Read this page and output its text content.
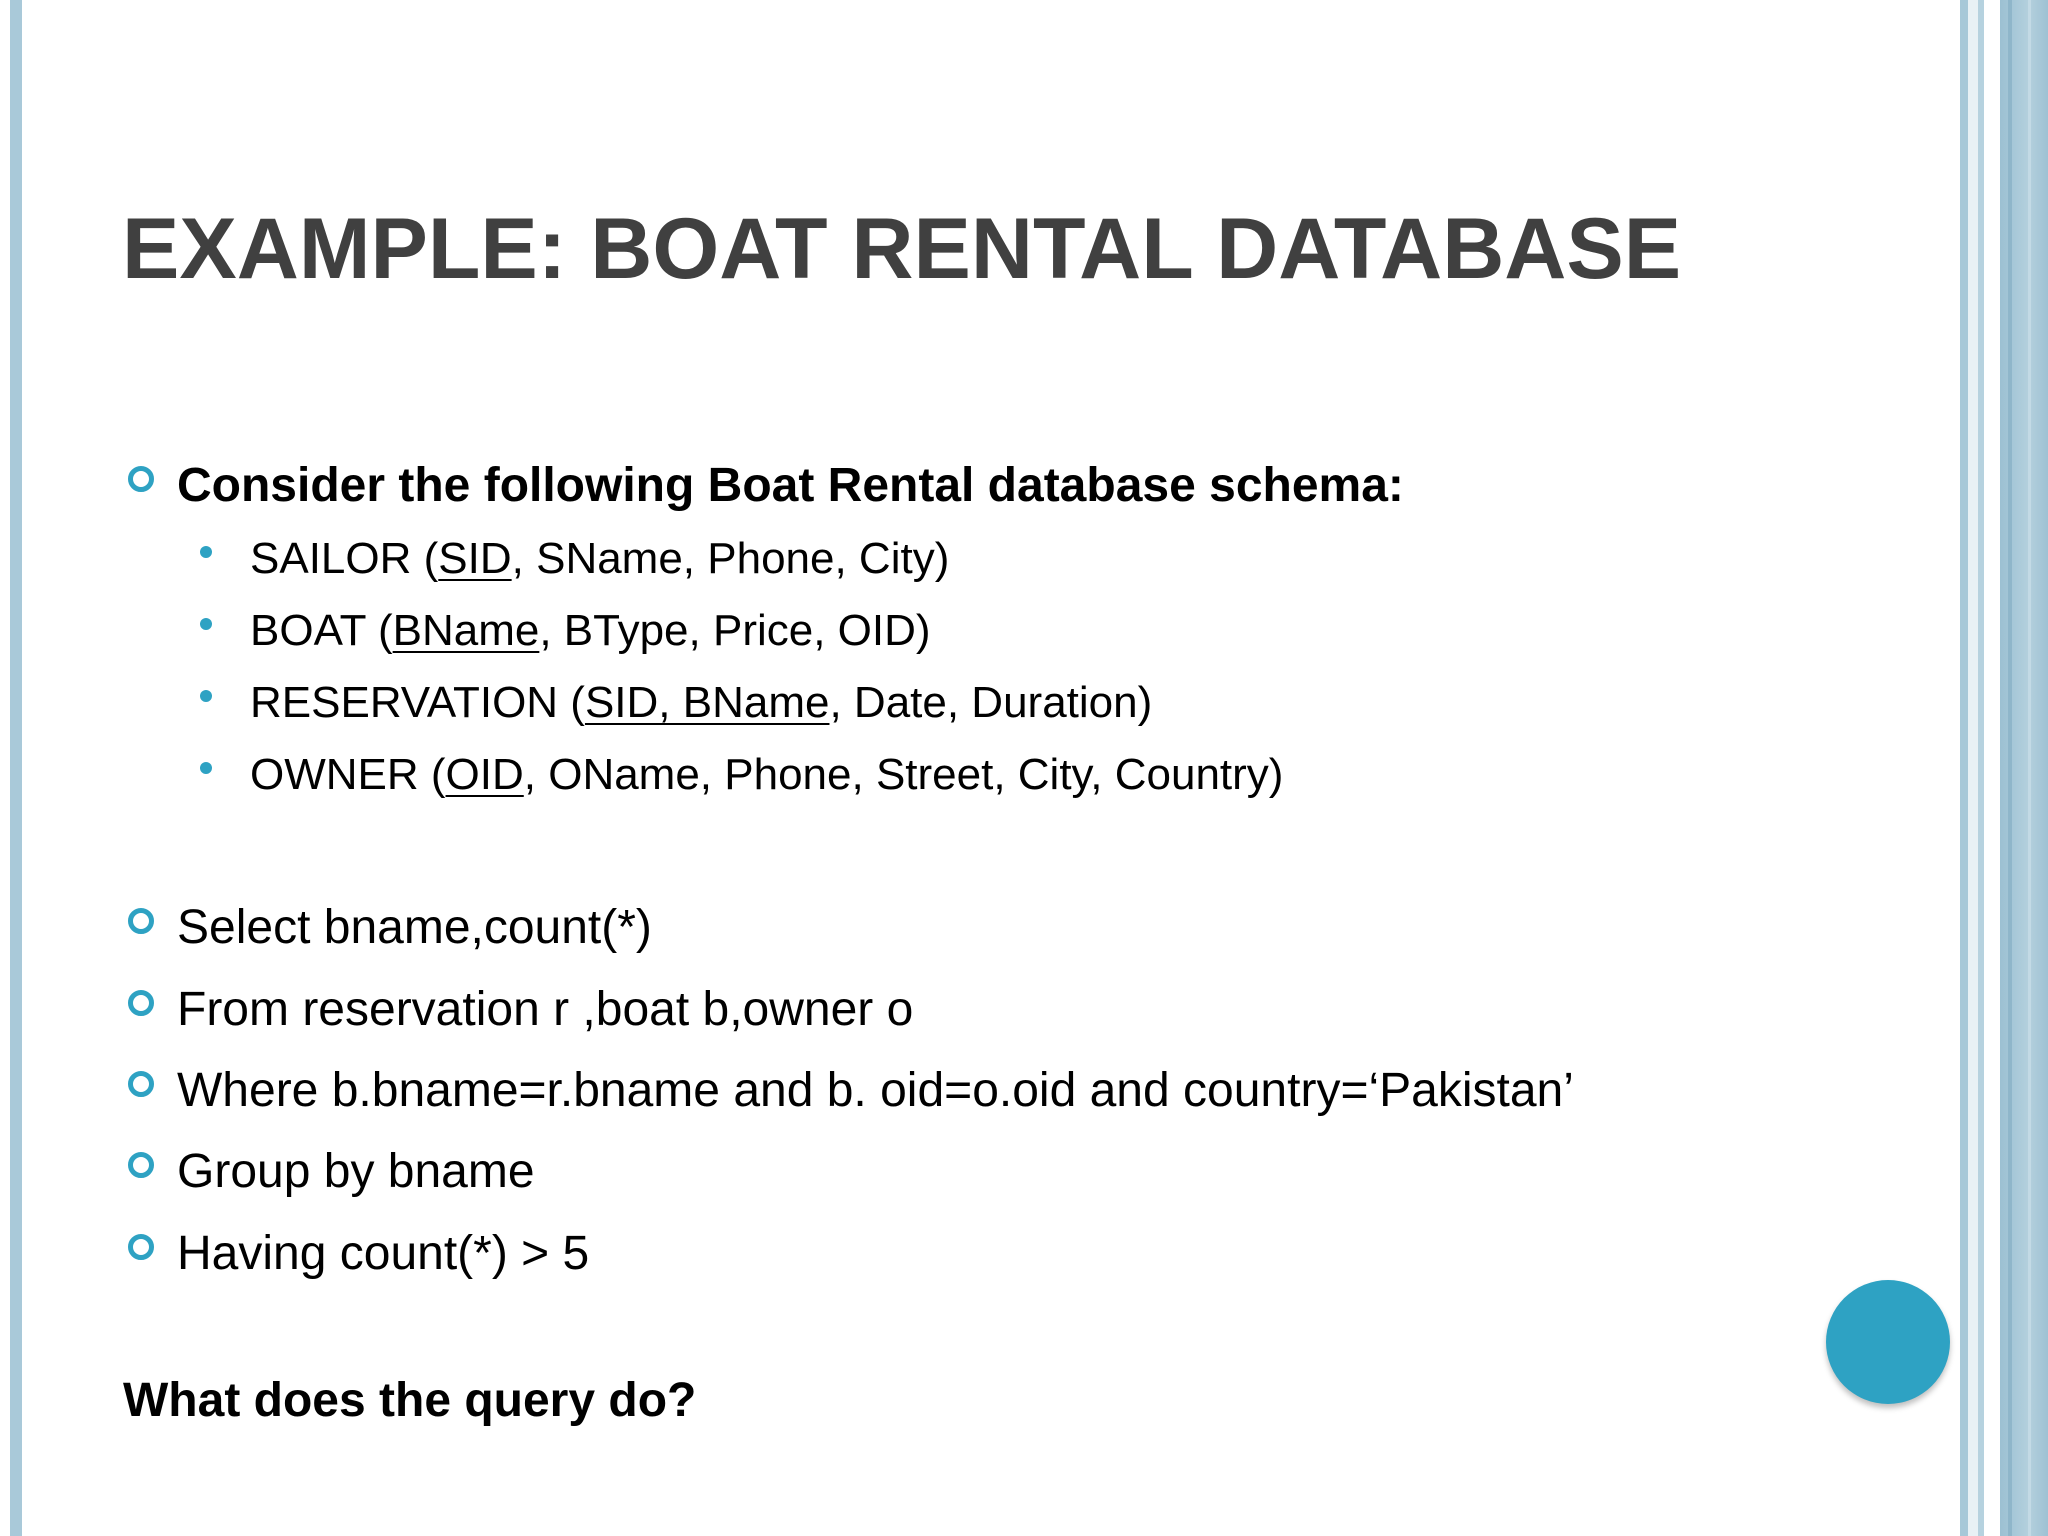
EXAMPLE: BOAT RENTAL DATABASE
Consider the following Boat Rental database schema:
SAILOR (SID, SName, Phone, City)
BOAT (BName, BType, Price, OID)
RESERVATION (SID, BName, Date, Duration)
OWNER (OID, OName, Phone, Street, City, Country)
Select bname,count(*)
From reservation r ,boat b,owner o
Where b.bname=r.bname and b. oid=o.oid and country=‘Pakistan’
Group by bname
Having count(*) > 5
What does the query do?
